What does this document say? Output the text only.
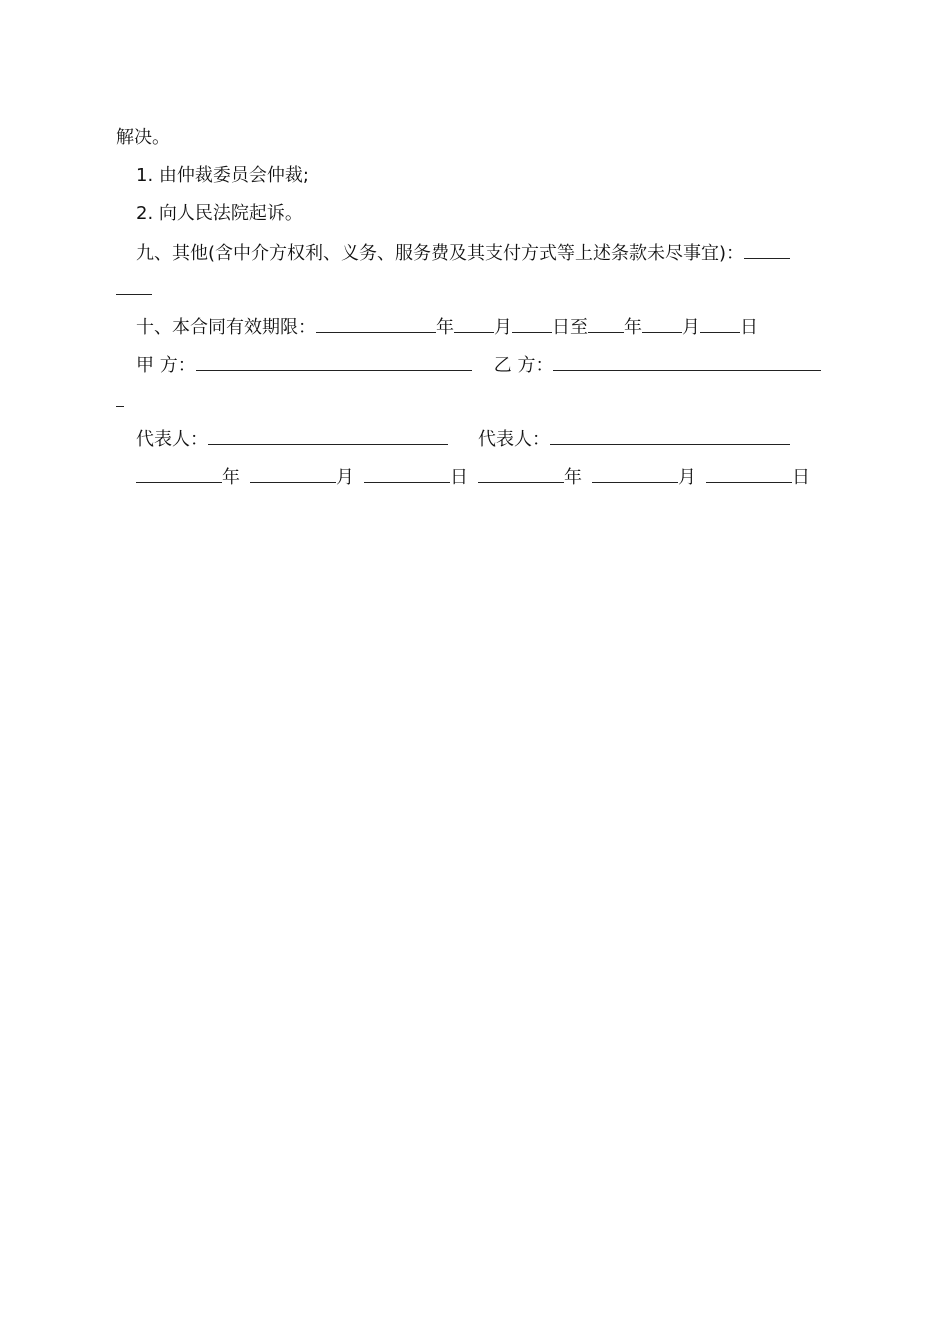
解决。
1. 由仲裁委员会仲裁;
2. 向人民法院起诉。
九、其他(含中介方权利、义务、服务费及其支付方式等上述条款未尽事宜)：
十、本合同有效期限：	年 月 日至 年 月 日
甲 方：	乙 方：
代表人：	代表人：
年	月	日	年	月	日
